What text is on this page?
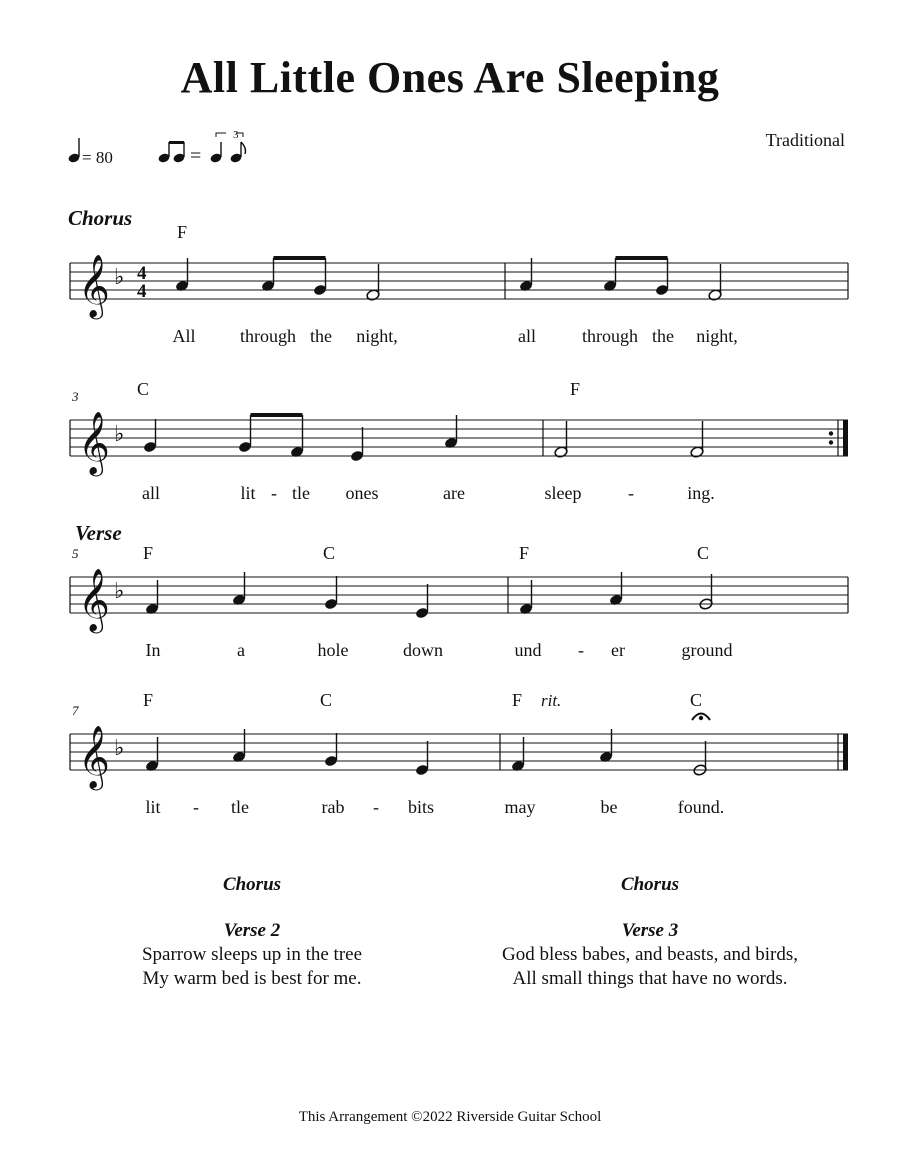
All Little Ones Are Sleeping
Traditional
= 80	=
3
Chorus
Verse
3
5
7
𝄞 ♭ 4
4
F
All through the night,	all	through the night,
𝄞 ♭
C	F
all	lit - tle ones	are	sleep	-	ing.
𝄞 ♭
F	C	F	C
In	a	hole	down	und - er	ground
𝄞 ♭
F	C	F rit.	C
lit - tle	rab - bits	may	be	found.
Chorus
Verse 2
Sparrow sleeps up in the tree
My warm bed is best for me.
Chorus
Verse 3
God bless babes, and beasts, and birds,
All small things that have no words.
This Arrangement ©2022 Riverside Guitar School
